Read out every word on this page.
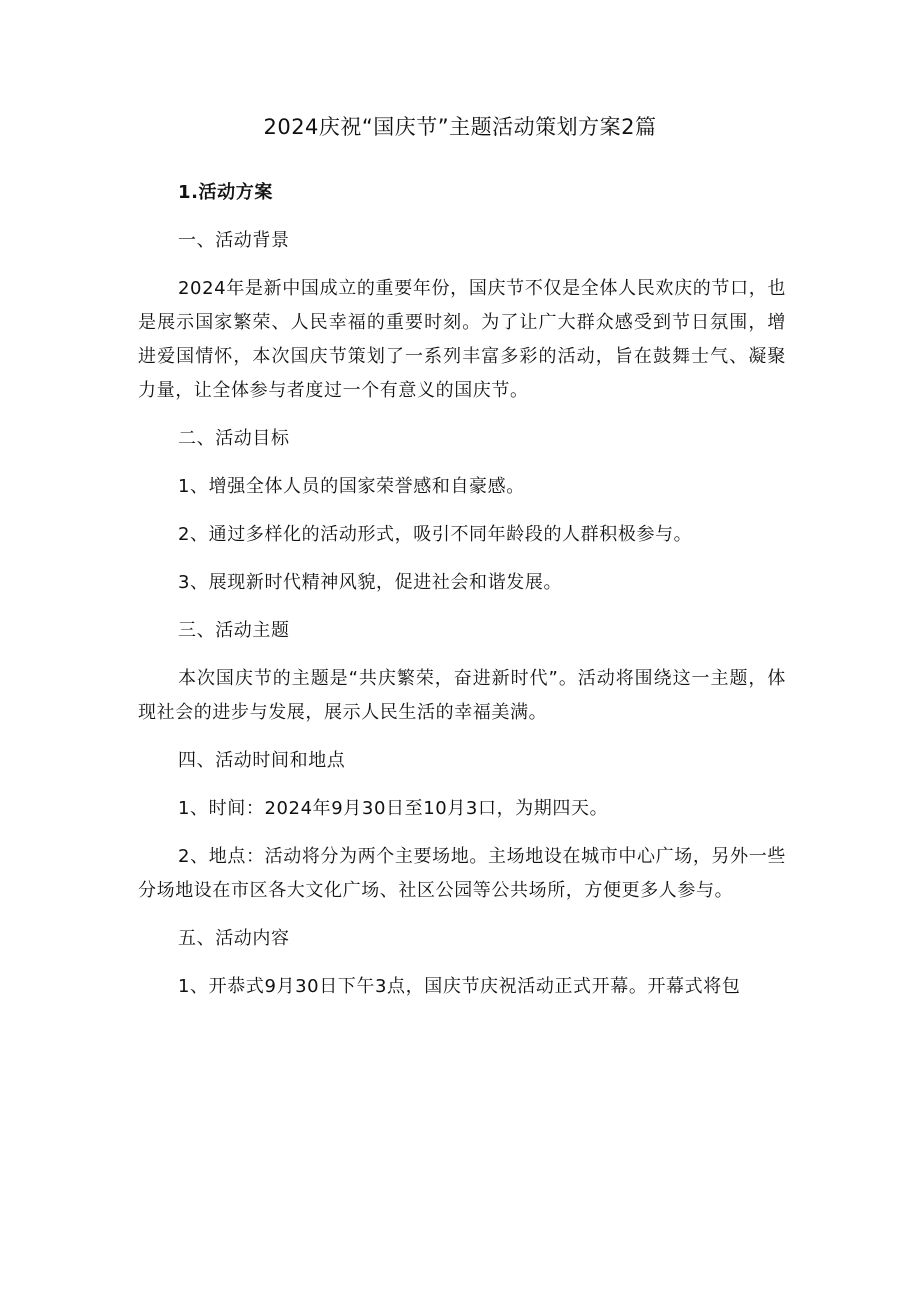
2024庆祝“国庆节”主题活动策划方案2篇

1.活动方案

一、活动背景

2024年是新中国成立的重要年份，国庆节不仅是全体人民欢庆的节口，也是展示国家繁荣、人民幸福的重要时刻。为了让广大群众感受到节日氛围，增进爱国情怀，本次国庆节策划了一系列丰富多彩的活动，旨在鼓舞士气、凝聚力量，让全体参与者度过一个有意义的国庆节。

二、活动目标

1、增强全体人员的国家荣誉感和自豪感。

2、通过多样化的活动形式，吸引不同年龄段的人群积极参与。

3、展现新时代精神风貌，促进社会和谐发展。

三、活动主题

本次国庆节的主题是“共庆繁荣，奋进新时代”。活动将围绕这一主题，体现社会的进步与发展，展示人民生活的幸福美满。

四、活动时间和地点

1、时间：2024年9月30日至10月3口，为期四天。

2、地点：活动将分为两个主要场地。主场地设在城市中心广场，另外一些分场地设在市区各大文化广场、社区公园等公共场所，方便更多人参与。

五、活动内容

1、开恭式9月30日下午3点，国庆节庆祝活动正式开幕。开幕式将包
